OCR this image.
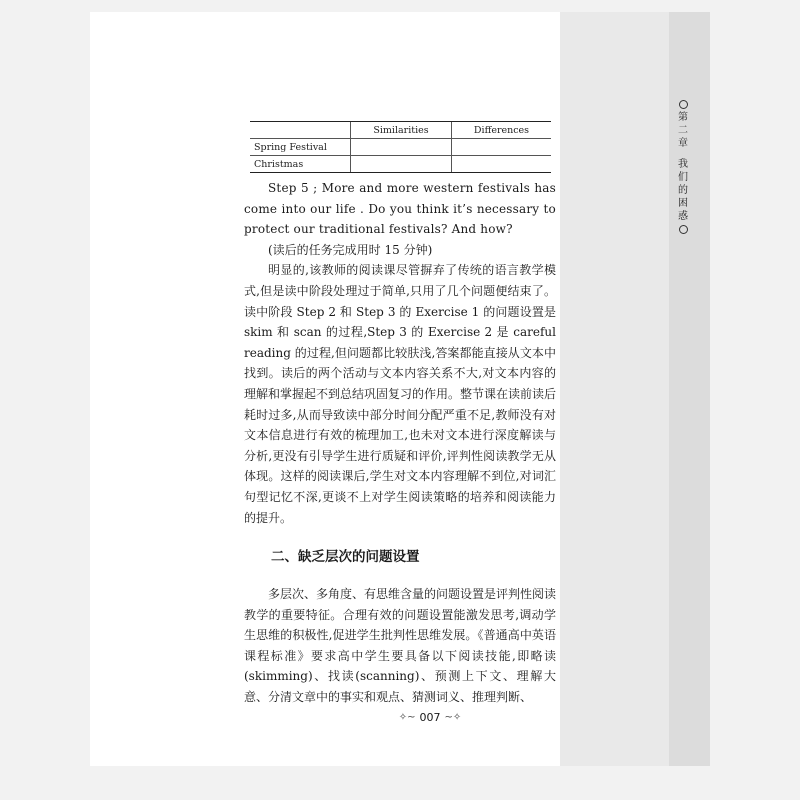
第
二
章
我
们
的
困
惑
	Similarities	Differences
Spring Festival		
Christmas		

Step 5 ; More and more western festivals has come into our life . Do you think it’s necessary to protect our traditional festivals? And how?

(读后的任务完成用时 15 分钟)

明显的,该教师的阅读课尽管摒弃了传统的语言教学模式,但是读中阶段处理过于简单,只用了几个问题便结束了。读中阶段 Step 2 和 Step 3 的 Exercise 1 的问题设置是 skim 和 scan 的过程,Step 3 的 Exercise 2 是 careful reading 的过程,但问题都比较肤浅,答案都能直接从文本中找到。读后的两个活动与文本内容关系不大,对文本内容的理解和掌握起不到总结巩固复习的作用。整节课在读前读后耗时过多,从而导致读中部分时间分配严重不足,教师没有对文本信息进行有效的梳理加工,也未对文本进行深度解读与分析,更没有引导学生进行质疑和评价,评判性阅读教学无从体现。这样的阅读课后,学生对文本内容理解不到位,对词汇句型记忆不深,更谈不上对学生阅读策略的培养和阅读能力的提升。

二、缺乏层次的问题设置

多层次、多角度、有思维含量的问题设置是评判性阅读教学的重要特征。合理有效的问题设置能激发思考,调动学生思维的积极性,促进学生批判性思维发展。《普通高中英语课程标准》要求高中学生要具备以下阅读技能,即略读(skimming)、找读(scanning)、预测上下文、理解大意、分清文章中的事实和观点、猜测词义、推理判断、

✧~ 007 ~✧
